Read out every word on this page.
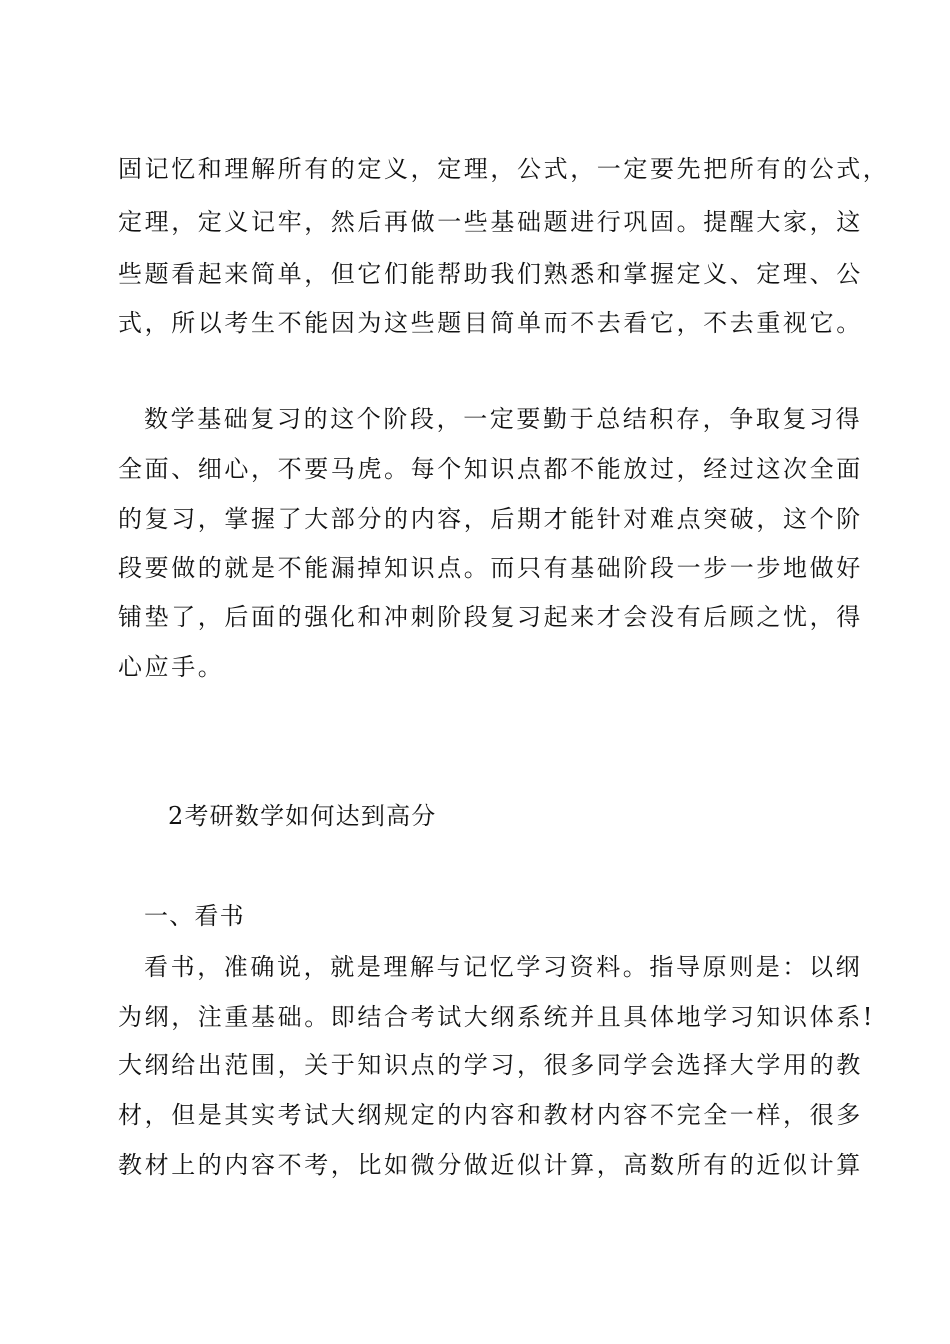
固记忆和理解所有的定义，定理，公式，一定要先把所有的公式，
定理，定义记牢，然后再做一些基础题进行巩固。提醒大家，这
些题看起来简单，但它们能帮助我们熟悉和掌握定义、定理、公
式，所以考生不能因为这些题目简单而不去看它，不去重视它。
数学基础复习的这个阶段，一定要勤于总结积存，争取复习得
全面、细心，不要马虎。每个知识点都不能放过，经过这次全面
的复习，掌握了大部分的内容，后期才能针对难点突破，这个阶
段要做的就是不能漏掉知识点。而只有基础阶段一步一步地做好
铺垫了，后面的强化和冲刺阶段复习起来才会没有后顾之忧，得
心应手。
2考研数学如何达到高分
一、看书
看书，准确说，就是理解与记忆学习资料。指导原则是：以纲
为纲，注重基础。即结合考试大纲系统并且具体地学习知识体系!
大纲给出范围，关于知识点的学习，很多同学会选择大学用的教
材，但是其实考试大纲规定的内容和教材内容不完全一样，很多
教材上的内容不考，比如微分做近似计算，高数所有的近似计算
